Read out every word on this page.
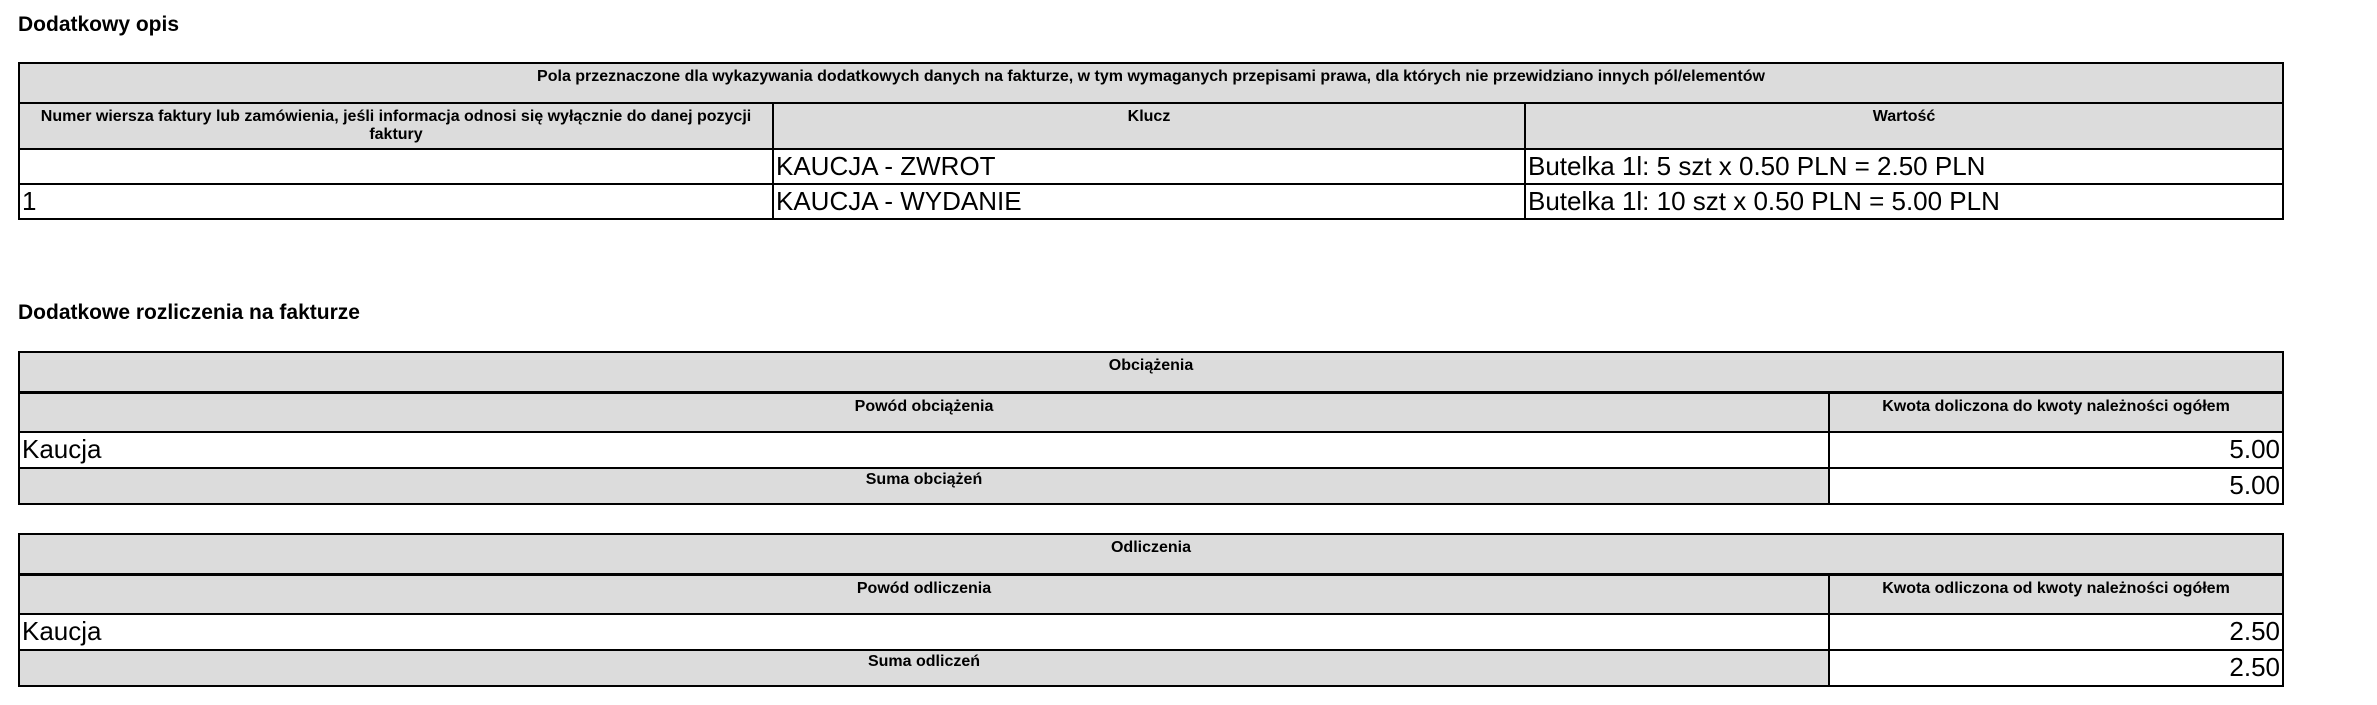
Dodatkowy opis
Pola przeznaczone dla wykazywania dodatkowych danych na fakturze, w tym wymaganych przepisami prawa, dla których nie przewidziano innych pól/elementów		
Numer wiersza faktury lub zamówienia, jeśli informacja odnosi się wyłącznie do danej pozycji faktury	Klucz	Wartość
	KAUCJA - ZWROT	Butelka 1l: 5 szt x 0.50 PLN = 2.50 PLN
1	KAUCJA - WYDANIE	Butelka 1l: 10 szt x 0.50 PLN = 5.00 PLN
Dodatkowe rozliczenia na fakturze
Obciążenia	
Powód obciążenia	Kwota doliczona do kwoty należności ogółem
Kaucja	5.00
Suma obciążeń	5.00
Odliczenia	
Powód odliczenia	Kwota odliczona od kwoty należności ogółem
Kaucja	2.50
Suma odliczeń	2.50
